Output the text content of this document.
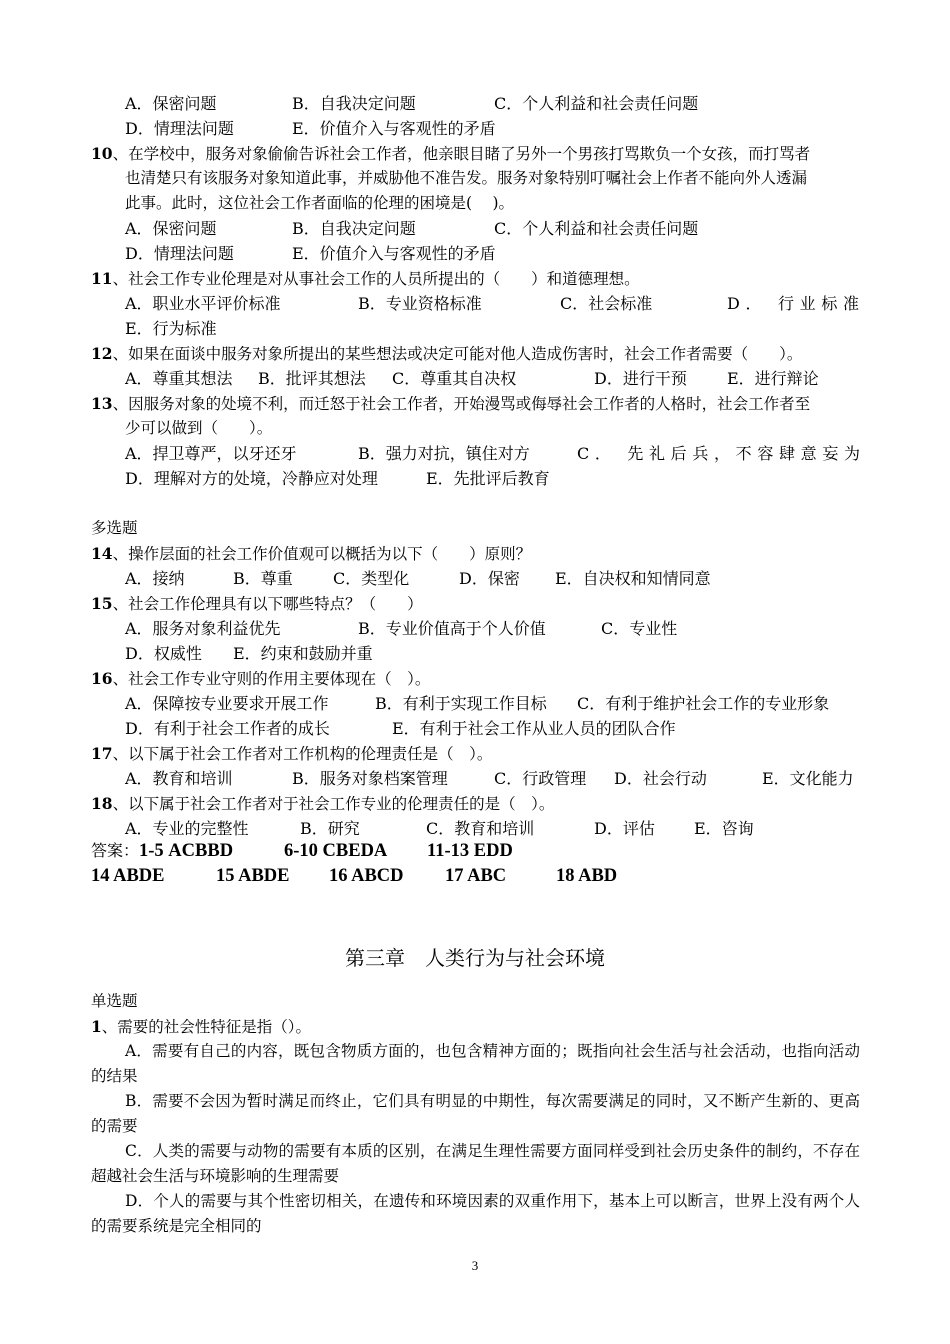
A．保密问题	B．自我决定问题	C．个人利益和社会责任问题
D．情理法问题	E．价值介入与客观性的矛盾
10、在学校中，服务对象偷偷告诉社会工作者，他亲眼目睹了另外一个男孩打骂欺负一个女孩，而打骂者
也清楚只有该服务对象知道此事，并威胁他不准告发。服务对象特别叮嘱社会上作者不能向外人透漏
此事。此时，这位社会工作者面临的伦理的困境是(　 )。
A．保密问题	B．自我决定问题	C．个人利益和社会责任问题
D．情理法问题	E．价值介入与客观性的矛盾
11、社会工作专业伦理是对从事社会工作的人员所提出的（　　）和道德理想。
A．职业水平评价标准	B．专业资格标准	C．社会标准	D． 行业标准
E．行为标准
12、如果在面谈中服务对象所提出的某些想法或决定可能对他人造成伤害时，社会工作者需要（　　）。
A．尊重其想法 B．批评其想法 C．尊重其自决权	D．进行干预	E．进行辩论
13、因服务对象的处境不利，而迁怒于社会工作者，开始漫骂或侮辱社会工作者的人格时，社会工作者至
少可以做到（　　）。
A．捍卫尊严，以牙还牙	B．强力对抗，镇住对方	C． 先礼后兵，不容肆意妄为
D．理解对方的处境，冷静应对处理	E．先批评后教育
多选题
14、操作层面的社会工作价值观可以概括为以下（　　）原则？
A．接纳	B．尊重	C．类型化	D．保密 E．自决权和知情同意
15、社会工作伦理具有以下哪些特点？（　　）
A．服务对象利益优先	B．专业价值高于个人价值	C．专业性
D．权威性 E．约束和鼓励并重
16、社会工作专业守则的作用主要体现在（　）。
A．保障按专业要求开展工作	B．有利于实现工作目标 C．有利于维护社会工作的专业形象
D．有利于社会工作者的成长	E．有利于社会工作从业人员的团队合作
17、以下属于社会工作者对工作机构的伦理责任是（　）。
A．教育和培训	B．服务对象档案管理	C．行政管理 D．社会行动	E．文化能力
18、以下属于社会工作者对于社会工作专业的伦理责任的是（　）。
A．专业的完整性	B．研究	C．教育和培训	D．评估 E．咨询
答案：1-5 ACBBD	6-10 CBEDA 11-13 EDD
14 ABDE	15 ABDE 16 ABCD 17 ABC	18 ABD
第三章　人类行为与社会环境
单选题
1、需要的社会性特征是指（）。
A．需要有自己的内容，既包含物质方面的，也包含精神方面的；既指向社会生活与社会活动，也指向活动的结果
B．需要不会因为暂时满足而终止，它们具有明显的中期性，每次需要满足的同时，又不断产生新的、更高的需要
C．人类的需要与动物的需要有本质的区别，在满足生理性需要方面同样受到社会历史条件的制约，不存在超越社会生活与环境影响的生理需要
D．个人的需要与其个性密切相关，在遗传和环境因素的双重作用下，基本上可以断言，世界上没有两个人的需要系统是完全相同的
3
